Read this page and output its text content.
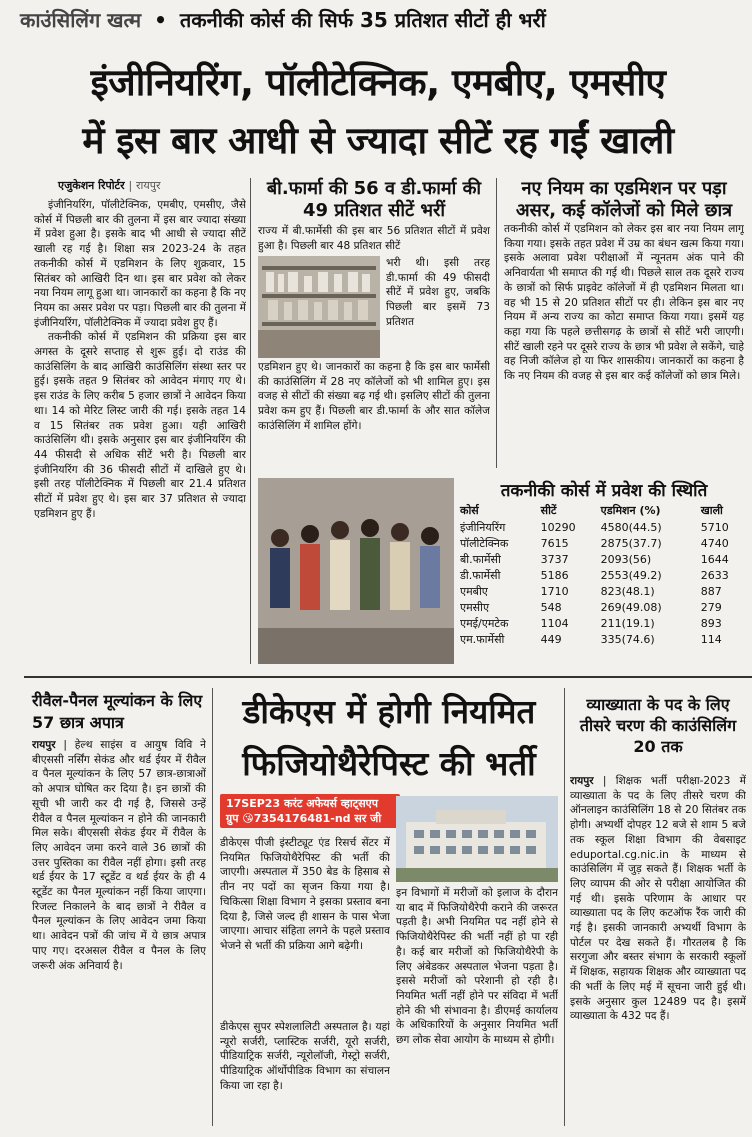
काउंसिलिंग खत्म • तकनीकी कोर्स की सिर्फ 35 प्रतिशत सीटों ही भरीं
इंजीनियरिंग, पॉलीटेक्निक, एमबीए, एमसीए
में इस बार आधी से ज्यादा सीटें रह गईं खाली
एजुकेशन रिपोर्टर | रायपुर

इंजीनियरिंग, पॉलीटेक्निक, एमबीए, एमसीए, जैसे कोर्स में पिछली बार की तुलना में इस बार ज्यादा संख्या में प्रवेश हुआ है। इसके बाद भी आधी से ज्यादा सीटें खाली रह गई है। शिक्षा सत्र 2023-24 के तहत तकनीकी कोर्स में एडमिशन के लिए शुक्रवार, 15 सितंबर को आखिरी दिन था। इस बार प्रवेश को लेकर नया नियम लागू हुआ था। जानकारों का कहना है कि नए नियम का असर प्रवेश पर पड़ा। पिछली बार की तुलना में इंजीनियरिंग, पॉलीटेक्निक में ज्यादा प्रवेश हुए हैं।

तकनीकी कोर्स में एडमिशन की प्रक्रिया इस बार अगस्त के दूसरे सप्ताह से शुरू हुई। दो राउंड की काउंसिलिंग के बाद आखिरी काउंसिलिंग संस्था स्तर पर हुई। इसके तहत 9 सितंबर को आवेदन मंगाए गए थे। इस राउंड के लिए करीब 5 हजार छात्रों ने आवेदन किया था। 14 को मेरिट लिस्ट जारी की गई। इसके तहत 14 व 15 सितंबर तक प्रवेश हुआ। यही आखिरी काउंसिलिंग थी। इसके अनुसार इस बार इंजीनियरिंग की 44 फीसदी से अधिक सीटें भरी है। पिछली बार इंजीनियरिंग की 36 फीसदी सीटों में दाखिले हुए थे। इसी तरह पॉलीटेक्निक में पिछली बार 21.4 प्रतिशत सीटों में प्रवेश हुए थे। इस बार 37 प्रतिशत से ज्यादा एडमिशन हुए हैं।

बी.फार्मा की 56 व डी.फार्मा की 49 प्रतिशत सीटें भरीं
राज्य में बी.फार्मेसी की इस बार 56 प्रतिशत सीटों में प्रवेश हुआ है। पिछली बार 48 प्रतिशत सीटें
भरी थी। इसी तरह डी.फार्मा की 49 फीसदी सीटें में प्रवेश हुए, जबकि पिछली बार इसमें 73 प्रतिशत
एडमिशन हुए थे। जानकारों का कहना है कि इस बार फार्मेसी की काउंसिलिंग में 28 नए कॉलेजों को भी शामिल हुए। इस वजह से सीटों की संख्या बढ़ गई थी। इसलिए सीटों की तुलना प्रवेश कम हुए हैं। पिछली बार डी.फार्मा के और सात कॉलेज काउंसिलिंग में शामिल होंगे।
नए नियम का एडमिशन पर पड़ा असर, कई कॉलेजों को मिले छात्र
तकनीकी कोर्स में एडमिशन को लेकर इस बार नया नियम लागू किया गया। इसके तहत प्रवेश में उम्र का बंधन खत्म किया गया। इसके अलावा प्रवेश परीक्षाओं में न्यूनतम अंक पाने की अनिवार्यता भी समाप्त की गई थी। पिछले साल तक दूसरे राज्य के छात्रों को सिर्फ प्राइवेट कॉलेजों में ही एडमिशन मिलता था। वह भी 15 से 20 प्रतिशत सीटों पर ही। लेकिन इस बार नए नियम में अन्य राज्य का कोटा समाप्त किया गया। इसमें यह कहा गया कि पहले छत्तीसगढ़ के छात्रों से सीटें भरी जाएगी। सीटें खाली रहने पर दूसरे राज्य के छात्र भी प्रवेश ले सकेंगे, चाहे वह निजी कॉलेज हो या फिर शासकीय। जानकारों का कहना है कि नए नियम की वजह से इस बार कई कॉलेजों को छात्र मिले।
तकनीकी कोर्स में प्रवेश की स्थिति
कोर्स	सीटें	एडमिशन (%)	खाली
इंजीनियरिंग	10290	4580(44.5)	5710
पॉलीटेक्निक	7615	2875(37.7)	4740
बी.फार्मेसी	3737	2093(56)	1644
डी.फार्मेसी	5186	2553(49.2)	2633
एमबीए	1710	823(48.1)	887
एमसीए	548	269(49.08)	279
एमई/एमटेक	1104	211(19.1)	893
एम.फार्मेसी	449	335(74.6)	114
रीवैल-पैनल मूल्यांकन के लिए 57 छात्र अपात्र
रायपुर | हेल्थ साइंस व आयुष विवि ने बीएससी नर्सिंग सेकंड और थर्ड ईयर में रीवैल व पैनल मूल्यांकन के लिए 57 छात्र-छात्राओं को अपात्र घोषित कर दिया है। इन छात्रों की सूची भी जारी कर दी गई है, जिससे उन्हें रीवैल व पैनल मूल्यांकन न होने की जानकारी मिल सके। बीएससी सेकंड ईयर में रीवैल के लिए आवेदन जमा करने वाले 36 छात्रों की उत्तर पुस्तिका का रीवैल नहीं होगा। इसी तरह थर्ड ईयर के 17 स्टूडेंट व थर्ड ईयर के ही 4 स्टूडेंट का पैनल मूल्यांकन नहीं किया जाएगा। रिजल्ट निकालने के बाद छात्रों ने रीवैल व पैनल मूल्यांकन के लिए आवेदन जमा किया था। आवेदन पत्रों की जांच में ये छात्र अपात्र पाए गए। दरअसल रीवैल व पैनल के लिए जरूरी अंक अनिवार्य है।
डीकेएस में होगी नियमित
फिजियोथैरेपिस्ट की भर्ती
17SEP23 करंट अफेयर्स व्हाट्सएप
ग्रुप 😘7354176481-nd सर जी
डीकेएस पीजी इंस्टीट्यूट एंड रिसर्च सेंटर में नियमित फिजियोथैरेपिस्ट की भर्ती की जाएगी। अस्पताल में 350 बेड के हिसाब से तीन नए पदों का सृजन किया गया है। चिकित्सा शिक्षा विभाग ने इसका प्रस्ताव बना दिया है, जिसे जल्द ही शासन के पास भेजा जाएगा। आचार संहिता लगने के पहले प्रस्ताव भेजने से भर्ती की प्रक्रिया आगे बढ़ेगी।
डीकेएस सुपर स्पेशलालिटी अस्पताल है। यहां न्यूरो सर्जरी, प्लास्टिक सर्जरी, यूरो सर्जरी, पीडियाट्रिक सर्जरी, न्यूरोलॉजी, गेस्ट्रो सर्जरी, पीडियाट्रिक ऑर्थोपीडिक विभाग का संचालन किया जा रहा है।
इन विभागों में मरीजों को इलाज के दौरान या बाद में फिजियोथैरेपी कराने की जरूरत पड़ती है। अभी नियमित पद नहीं होने से फिजियोथैरेपिस्ट की भर्ती नहीं हो पा रही है। कई बार मरीजों को फिजियोथैरेपी के लिए अंबेडकर अस्पताल भेजना पड़ता है। इससे मरीजों को परेशानी हो रही है। नियमित भर्ती नहीं होने पर संविदा में भर्ती होने की भी संभावना है। डीएमई कार्यालय के अधिकारियों के अनुसार नियमित भर्ती छग लोक सेवा आयोग के माध्यम से होगी।
व्याख्याता के पद के लिए तीसरे चरण की काउंसिलिंग 20 तक
रायपुर | शिक्षक भर्ती परीक्षा-2023 में व्याख्याता के पद के लिए तीसरे चरण की ऑनलाइन काउंसिलिंग 18 से 20 सितंबर तक होगी। अभ्यर्थी दोपहर 12 बजे से शाम 5 बजे तक स्कूल शिक्षा विभाग की वेबसाइट eduportal.cg.nic.in के माध्यम से काउंसिलिंग में जुड़ सकते हैं। शिक्षक भर्ती के लिए व्यापम की ओर से परीक्षा आयोजित की गई थी। इसके परिणाम के आधार पर व्याख्याता पद के लिए कटऑफ रैंक जारी की गई है। इसकी जानकारी अभ्यर्थी विभाग के पोर्टल पर देख सकते हैं। गौरतलब है कि सरगुजा और बस्तर संभाग के सरकारी स्कूलों में शिक्षक, सहायक शिक्षक और व्याख्याता पद की भर्ती के लिए मई में सूचना जारी हुई थी। इसके अनुसार कुल 12489 पद है। इसमें व्याख्याता के 432 पद हैं।
